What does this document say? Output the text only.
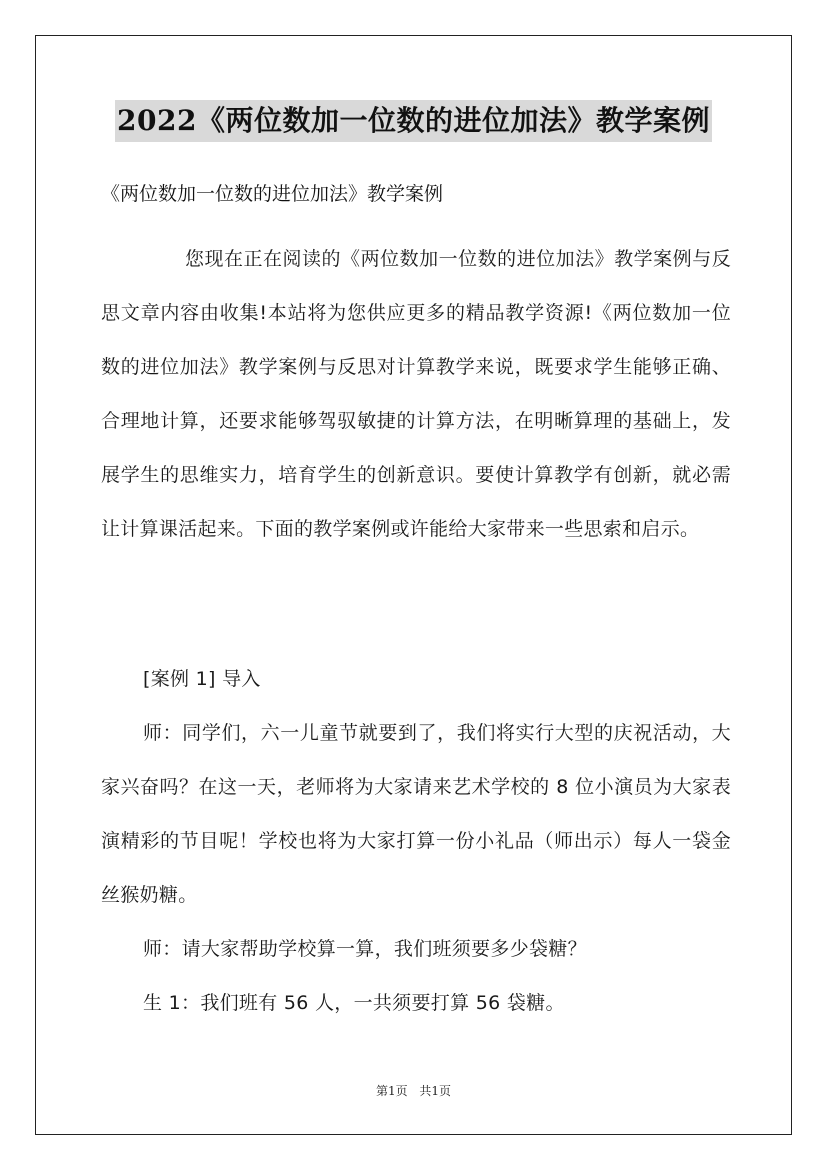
2022《两位数加一位数的进位加法》教学案例
《两位数加一位数的进位加法》教学案例
您现在正在阅读的《两位数加一位数的进位加法》教学案例与反思文章内容由收集!本站将为您供应更多的精品教学资源!《两位数加一位数的进位加法》教学案例与反思对计算教学来说，既要求学生能够正确、合理地计算，还要求能够驾驭敏捷的计算方法，在明晰算理的基础上，发展学生的思维实力，培育学生的创新意识。要使计算教学有创新，就必需让计算课活起来。下面的教学案例或许能给大家带来一些思索和启示。
[案例 1] 导入
师：同学们，六一儿童节就要到了，我们将实行大型的庆祝活动，大家兴奋吗？在这一天，老师将为大家请来艺术学校的 8 位小演员为大家表演精彩的节目呢！学校也将为大家打算一份小礼品（师出示）每人一袋金丝猴奶糖。
师：请大家帮助学校算一算，我们班须要多少袋糖？
生 1：我们班有 56 人，一共须要打算 56 袋糖。
第1页 共1页
